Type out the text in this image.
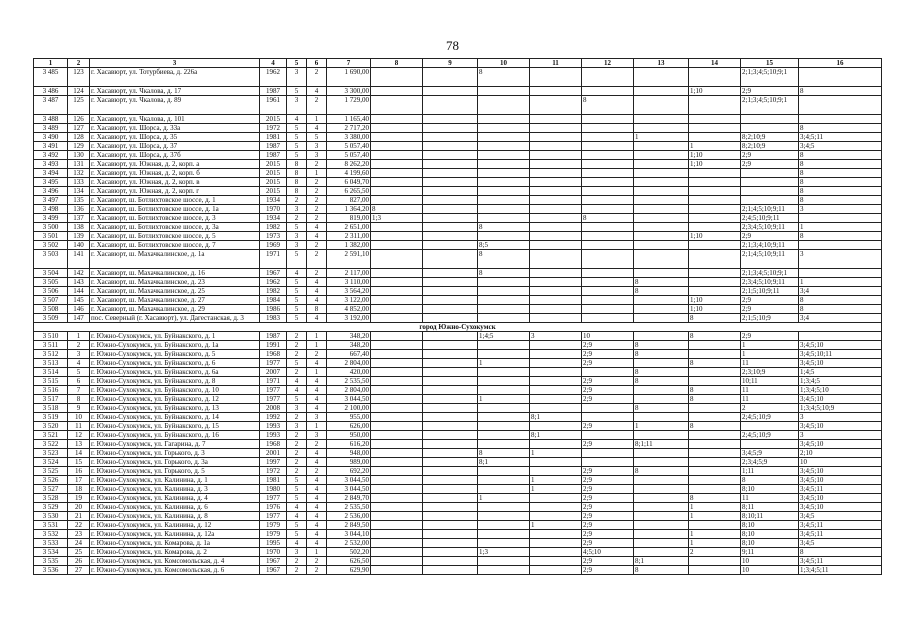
78
1	2	3	4	5	6	7	8	9	10	11	12	13	14	15	16
3 485	123	г. Хасавюрт, ул. Тотурбиева, д. 226а	1962	3	2	1 690,00			8					2;1;3;4;5;10;9;1	
3 486	124	г. Хасавюрт, ул. Чкалова, д. 17	1987	5	4	3 300,00							1;10	2;9	8
3 487	125	г. Хасавюрт, ул. Чкалова, д. 89	1961	3	2	1 729,00					8			2;1;3;4;5;10;9;1	
3 488	126	г. Хасавюрт, ул. Чкалова, д. 101	2015	4	1	1 165,40									
3 489	127	г. Хасавюрт, ул. Шорса, д. 33а	1972	5	4	2 717,20									8
3 490	128	г. Хасавюрт, ул. Шорса, д. 35	1981	5	5	3 380,00						1		8;2;10;9	3;4;5;11
3 491	129	г. Хасавюрт, ул. Шорса, д. 37	1987	5	3	5 057,40							1	8;2;10;9	3;4;5
3 492	130	г. Хасавюрт, ул. Шорса, д. 37б	1987	5	3	5 057,40							1;10	2;9	8
3 493	131	г. Хасавюрт, ул. Южная, д. 2, корп. а	2015	8	2	8 262,20							1;10	2;9	8
3 494	132	г. Хасавюрт, ул. Южная, д. 2, корп. б	2015	8	1	4 199,60									8
3 495	133	г. Хасавюрт, ул. Южная, д. 2, корп. в	2015	8	2	6 049,70									8
3 496	134	г. Хасавюрт, ул. Южная, д. 2, корп. г	2015	8	2	6 265,50									8
3 497	135	г. Хасавюрт, ш. Ботлихтовское шоссе, д. 1	1934	2	2	827,00									8
3 498	136	г. Хасавюрт, ш. Ботлихтовское шоссе, д. 1а	1970	3	2	1 364,20	8							2;1;4;5;10;9;11	3
3 499	137	г. Хасавюрт, ш. Ботлихтовское шоссе, д. 3	1934	2	2	819,00	1;3				8			2;4;5;10;9;11	
3 500	138	г. Хасавюрт, ш. Ботлихтовское шоссе, д. 3а	1982	5	4	2 651,00			8					2;3;4;5;10;9;11	1
3 501	139	г. Хасавюрт, ш. Ботлихтовское шоссе, д. 5	1973	3	4	2 311,00							1;10	2;9	8
3 502	140	г. Хасавюрт, ш. Ботлихтовское шоссе, д. 7	1969	3	2	1 382,00			8;5					2;1;3;4;10;9;11	
3 503	141	г. Хасавюрт, ш. Махачкалинское, д. 1а	1971	5	2	2 591,10			8					2;1;4;5;10;9;11	3
3 504	142	г. Хасавюрт, ш. Махачкалинское, д. 16	1967	4	2	2 117,00			8					2;1;3;4;5;10;9;1	
3 505	143	г. Хасавюрт, ш. Махачкалинское, д. 23	1962	5	4	3 110,00						8		2;3;4;5;10;9;11	1
3 506	144	г. Хасавюрт, ш. Махачкалинское, д. 25	1982	5	4	3 564,20						8		2;1;5;10;9;11	3;4
3 507	145	г. Хасавюрт, ш. Махачкалинское, д. 27	1984	5	4	3 122,00							1;10	2;9	8
3 508	146	г. Хасавюрт, ш. Махачкалинское, д. 29	1986	5	8	4 852,00							1;10	2;9	8
3 509	147	пос. Северный (г. Хасавюрт), ул. Дагестанская, д. 3	1983	5	4	3 192,00							8	2;1;5;10;9	3;4
город Южно-Сухокумск															
3 510	1	г. Южно-Сухокумск, ул. Буйнакского, д. 1	1987	2	1	348,20			1;4;5	3	10		8	2;9	
3 511	2	г. Южно-Сухокумск, ул. Буйнакского, д. 1а	1991	2	1	348,20					2;9	8		1	3;4;5;10
3 512	3	г. Южно-Сухокумск, ул. Буйнакского, д. 5	1968	2	2	667,40					2;9	8		1	3;4;5;10;11
3 513	4	г. Южно-Сухокумск, ул. Буйнакского, д. 6	1977	5	4	2 804,00			1		2;9		8	11	3;4;5;10
3 514	5	г. Южно-Сухокумск, ул. Буйнакского, д. 6а	2007	2	1	420,00						8		2;3;10;9	1;4;5
3 515	6	г. Южно-Сухокумск, ул. Буйнакского, д. 8	1971	4	4	2 535,50					2;9	8		10;11	1;3;4;5
3 516	7	г. Южно-Сухокумск, ул. Буйнакского, д. 10	1977	4	4	2 804,00					2;9		8	11	1;3;4;5;10
3 517	8	г. Южно-Сухокумск, ул. Буйнакского, д. 12	1977	5	4	3 044,50			1		2;9		8	11	3;4;5;10
3 518	9	г. Южно-Сухокумск, ул. Буйнакского, д. 13	2008	3	4	2 100,00						8		2	1;3;4;5;10;9
3 519	10	г. Южно-Сухокумск, ул. Буйнакского, д. 14	1992	2	3	955,00				8;1				2;4;5;10;9	3
3 520	11	г. Южно-Сухокумск, ул. Буйнакского, д. 15	1993	3	1	626,00					2;9	1	8		3;4;5;10
3 521	12	г. Южно-Сухокумск, ул. Буйнакского, д. 16	1993	2	3	950,00				8;1				2;4;5;10;9	3
3 522	13	г. Южно-Сухокумск, ул. Гагарина, д. 7	1968	2	2	616,20					2;9	8;1;11			3;4;5;10
3 523	14	г. Южно-Сухокумск, ул. Горького, д. 3	2001	2	4	948,00			8	1				3;4;5;9	2;10
3 524	15	г. Южно-Сухокумск, ул. Горького, д. 3а	1997	2	4	989,00			8;1					2;3;4;5;9	10
3 525	16	г. Южно-Сухокумск, ул. Горького, д. 5	1972	2	2	692,20					2;9	8		1;11	3;4;5;10
3 526	17	г. Южно-Сухокумск, ул. Калинина, д. 1	1981	5	4	3 044,50				1	2;9			8	3;4;5;10
3 527	18	г. Южно-Сухокумск, ул. Калинина, д. 3	1980	5	4	3 044,50				1	2;9			8;10	3;4;5;11
3 528	19	г. Южно-Сухокумск, ул. Калинина, д. 4	1977	5	4	2 849,70			1		2;9		8	11	3;4;5;10
3 529	20	г. Южно-Сухокумск, ул. Калинина, д. 6	1976	4	4	2 535,50					2;9		1	8;11	3;4;5;10
3 530	21	г. Южно-Сухокумск, ул. Калинина, д. 8	1977	4	4	2 536,00					2;9		1	8;10;11	3;4;5
3 531	22	г. Южно-Сухокумск, ул. Калинина, д. 12	1979	5	4	2 849,50				1	2;9			8;10	3;4;5;11
3 532	23	г. Южно-Сухокумск, ул. Калинина, д. 12а	1979	5	4	3 044,10					2;9		1	8;10	3;4;5;11
3 533	24	г. Южно-Сухокумск, ул. Комарова, д. 1а	1995	4	4	2 532,00					2;9		1	8;10	3;4;5
3 534	25	г. Южно-Сухокумск, ул. Комарова, д. 2	1970	3	1	502,20			1;3		4;5;10		2	9;11	8
3 535	26	г. Южно-Сухокумск, ул. Комсомольская, д. 4	1967	2	2	626,50					2;9	8;1		10	3;4;5;11
3 536	27	г. Южно-Сухокумск, ул. Комсомольская, д. 6	1967	2	2	629,90					2;9	8		10	1;3;4;5;11
